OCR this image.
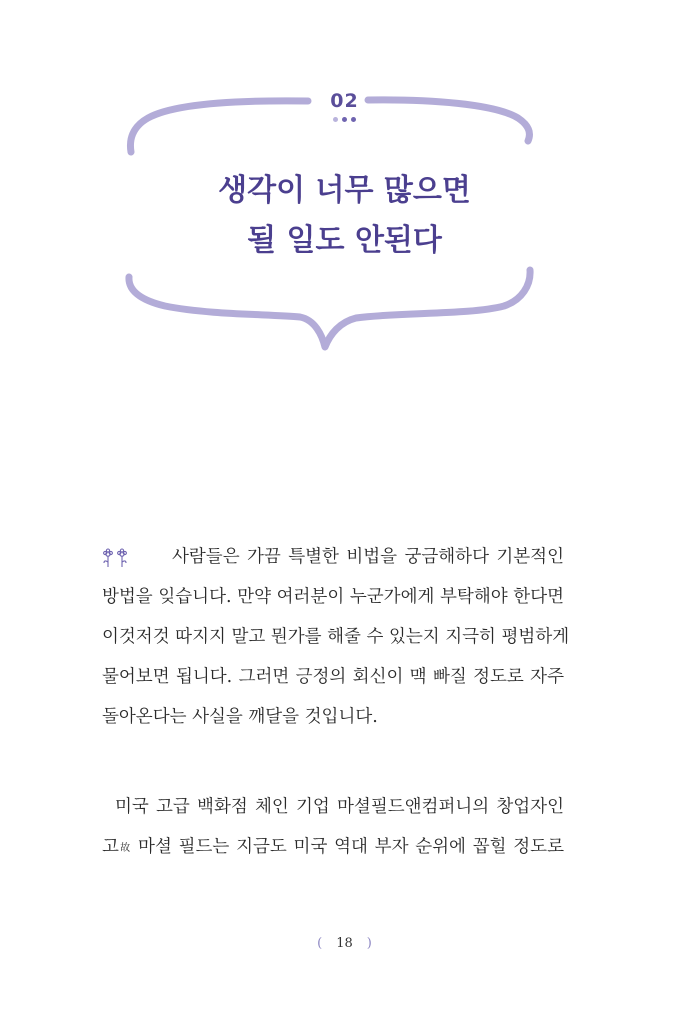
02
생각이 너무 많으면
될 일도 안된다
사람들은 가끔 특별한 비법을 궁금해하다 기본적인
방법을 잊습니다. 만약 여러분이 누군가에게 부탁해야 한다면
이것저것 따지지 말고 뭔가를 해줄 수 있는지 지극히 평범하게
물어보면 됩니다. 그러면 긍정의 회신이 맥 빠질 정도로 자주
돌아온다는 사실을 깨달을 것입니다.
미국 고급 백화점 체인 기업 마셜필드앤컴퍼니의 창업자인
고故 마셜 필드는 지금도 미국 역대 부자 순위에 꼽힐 정도로
( 18 )
